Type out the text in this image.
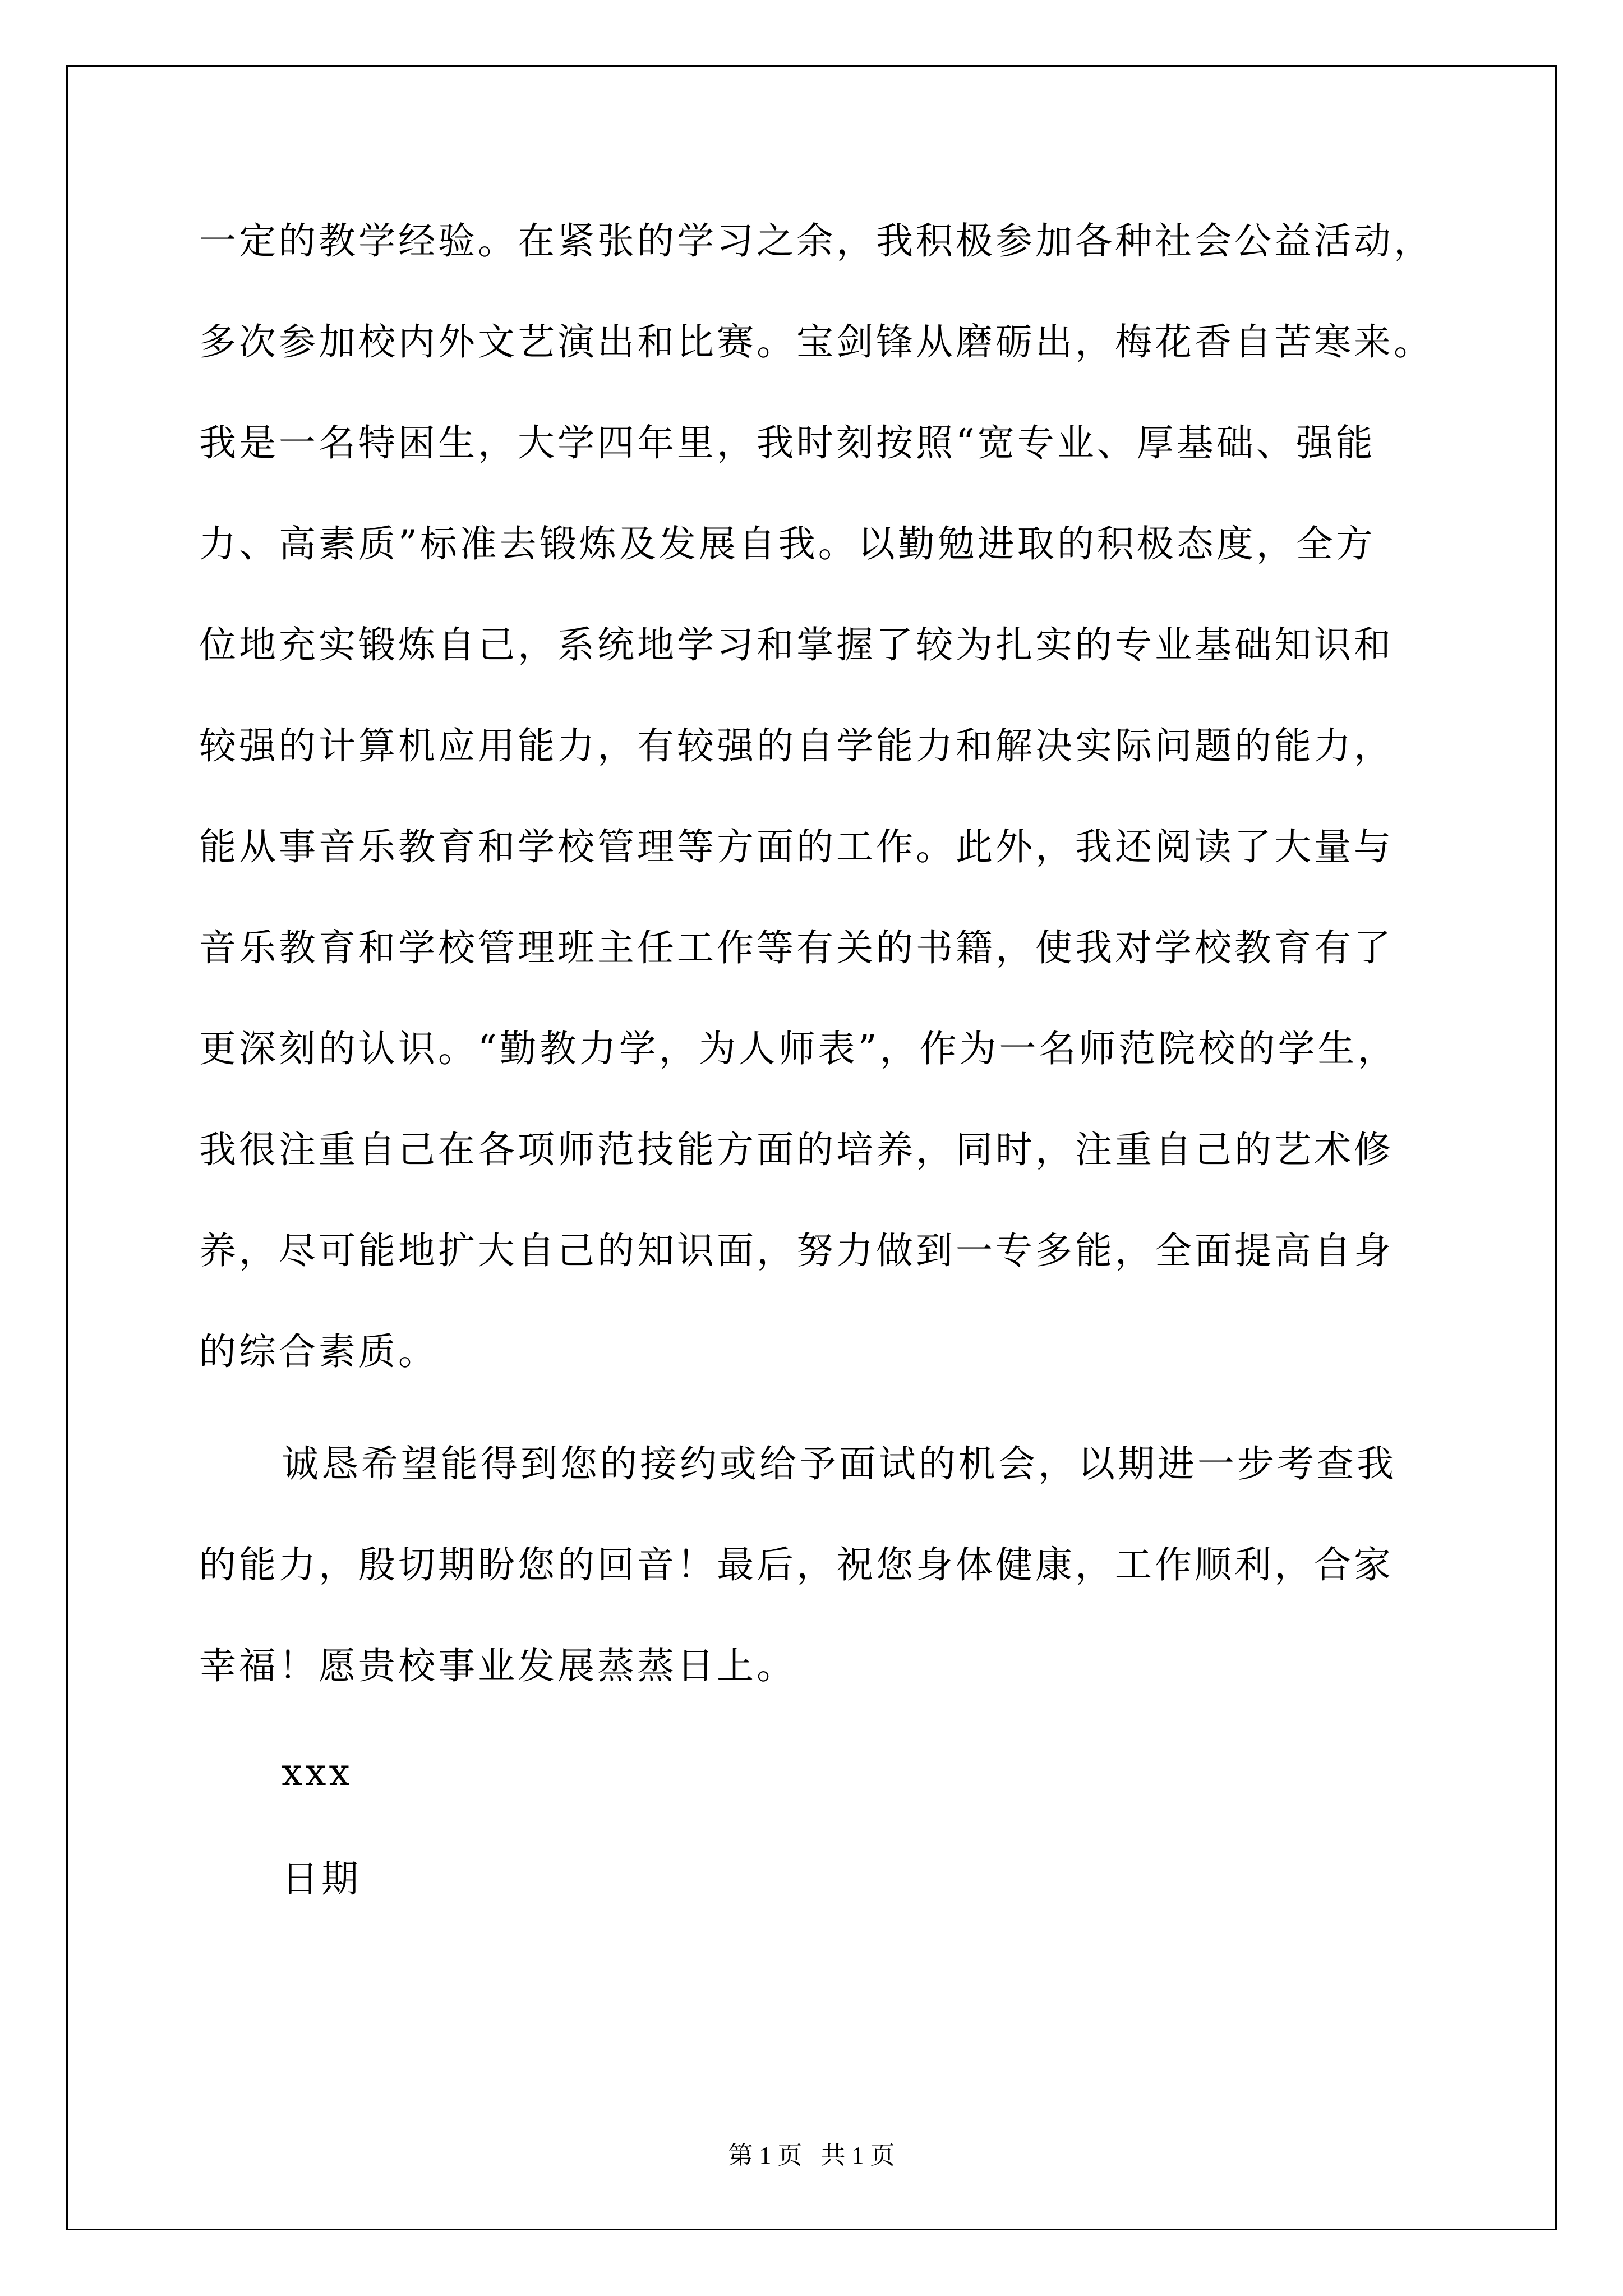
一定的教学经验。在紧张的学习之余，我积极参加各种社会公益活动，
多次参加校内外文艺演出和比赛。宝剑锋从磨砺出，梅花香自苦寒来。
我是一名特困生，大学四年里，我时刻按照“宽专业、厚基础、强能
力、高素质”标准去锻炼及发展自我。以勤勉进取的积极态度，全方
位地充实锻炼自己，系统地学习和掌握了较为扎实的专业基础知识和
较强的计算机应用能力，有较强的自学能力和解决实际问题的能力，
能从事音乐教育和学校管理等方面的工作。此外，我还阅读了大量与
音乐教育和学校管理班主任工作等有关的书籍，使我对学校教育有了
更深刻的认识。“勤教力学，为人师表”，作为一名师范院校的学生，
我很注重自己在各项师范技能方面的培养，同时，注重自己的艺术修
养，尽可能地扩大自己的知识面，努力做到一专多能，全面提高自身
的综合素质。
诚恳希望能得到您的接约或给予面试的机会，以期进一步考查我
的能力，殷切期盼您的回音！最后，祝您身体健康，工作顺利，合家
幸福！愿贵校事业发展蒸蒸日上。
xxx
日期
第 1 页   共 1 页
